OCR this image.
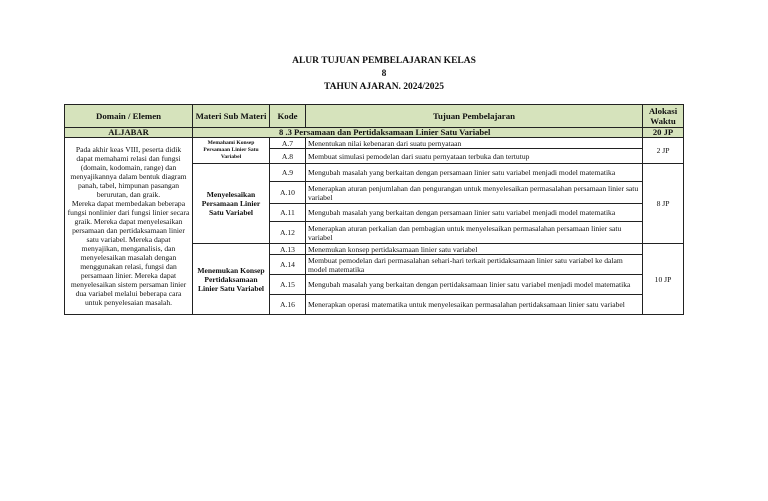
ALUR TUJUAN PEMBELAJARAN KELAS
8
TAHUN AJARAN. 2024/2025
Domain / Elemen	Materi Sub Materi	Kode	Tujuan Pembelajaran	Alokasi Waktu
ALJABAR	8 .3 Persamaan dan Pertidaksamaan Linier Satu Variabel			20 JP

Pada akhir keas VIII, peserta didik dapat memahami relasi dan fungsi (domain, kodomain, range) dan menyajikannya dalam bentuk diagram panah, tabel, himpunan pasangan berurutan, dan graik.
Mereka dapat membedakan beberapa fungsi nonlinier dari fungsi linier secara graik. Mereka dapat menyelesaikan persamaan dan pertidaksamaan linier satu variabel. Mereka dapat menyajikan, menganalisis, dan menyelesaikan masalah dengan menggunakan relasi, fungsi dan persamaan linier. Mereka dapat menyelesaikan sistem persaman linier dua variabel melalui beberapa cara untuk penyelesaian masalah.	Memahami Konsep Persamaan Linier Satu Variabel	A.7	Menentukan nilai kebenaran dari suatu pernyataan	2 JP
		A.8	Membuat simulasi pemodelan dari suatu pernyataan terbuka dan tertutup	
	Menyelesaikan Persamaan Linier Satu Variabel	A.9	Mengubah masalah yang berkaitan dengan persamaan linier satu variabel menjadi model matematika	8 JP
		A.10	Menerapkan aturan penjumlahan dan pengurangan untuk menyelesaikan permasalahan persamaan linier satu variabel	
		A.11	Mengubah masalah yang berkaitan dengan persamaan linier satu variabel menjadi model matematika	
		A.12	Menerapkan aturan perkalian dan pembagian untuk menyelesaikan permasalahan persamaan linier satu variabel	
	Menemukan Konsep Pertidaksamaan Linier Satu Variabel	A.13	Menemukan konsep pertidaksamaan linier satu variabel	10 JP
		A.14	Membuat pemodelan dari permasalahan sehari-hari terkait pertidaksamaan linier satu variabel ke dalam model matematika	
		A.15	Mengubah masalah yang berkaitan dengan pertidaksamaan linier satu variabel menjadi model matematika	
		A.16	Menerapkan operasi matematika untuk menyelesaikan permasalahan pertidaksamaan linier satu variabel	
